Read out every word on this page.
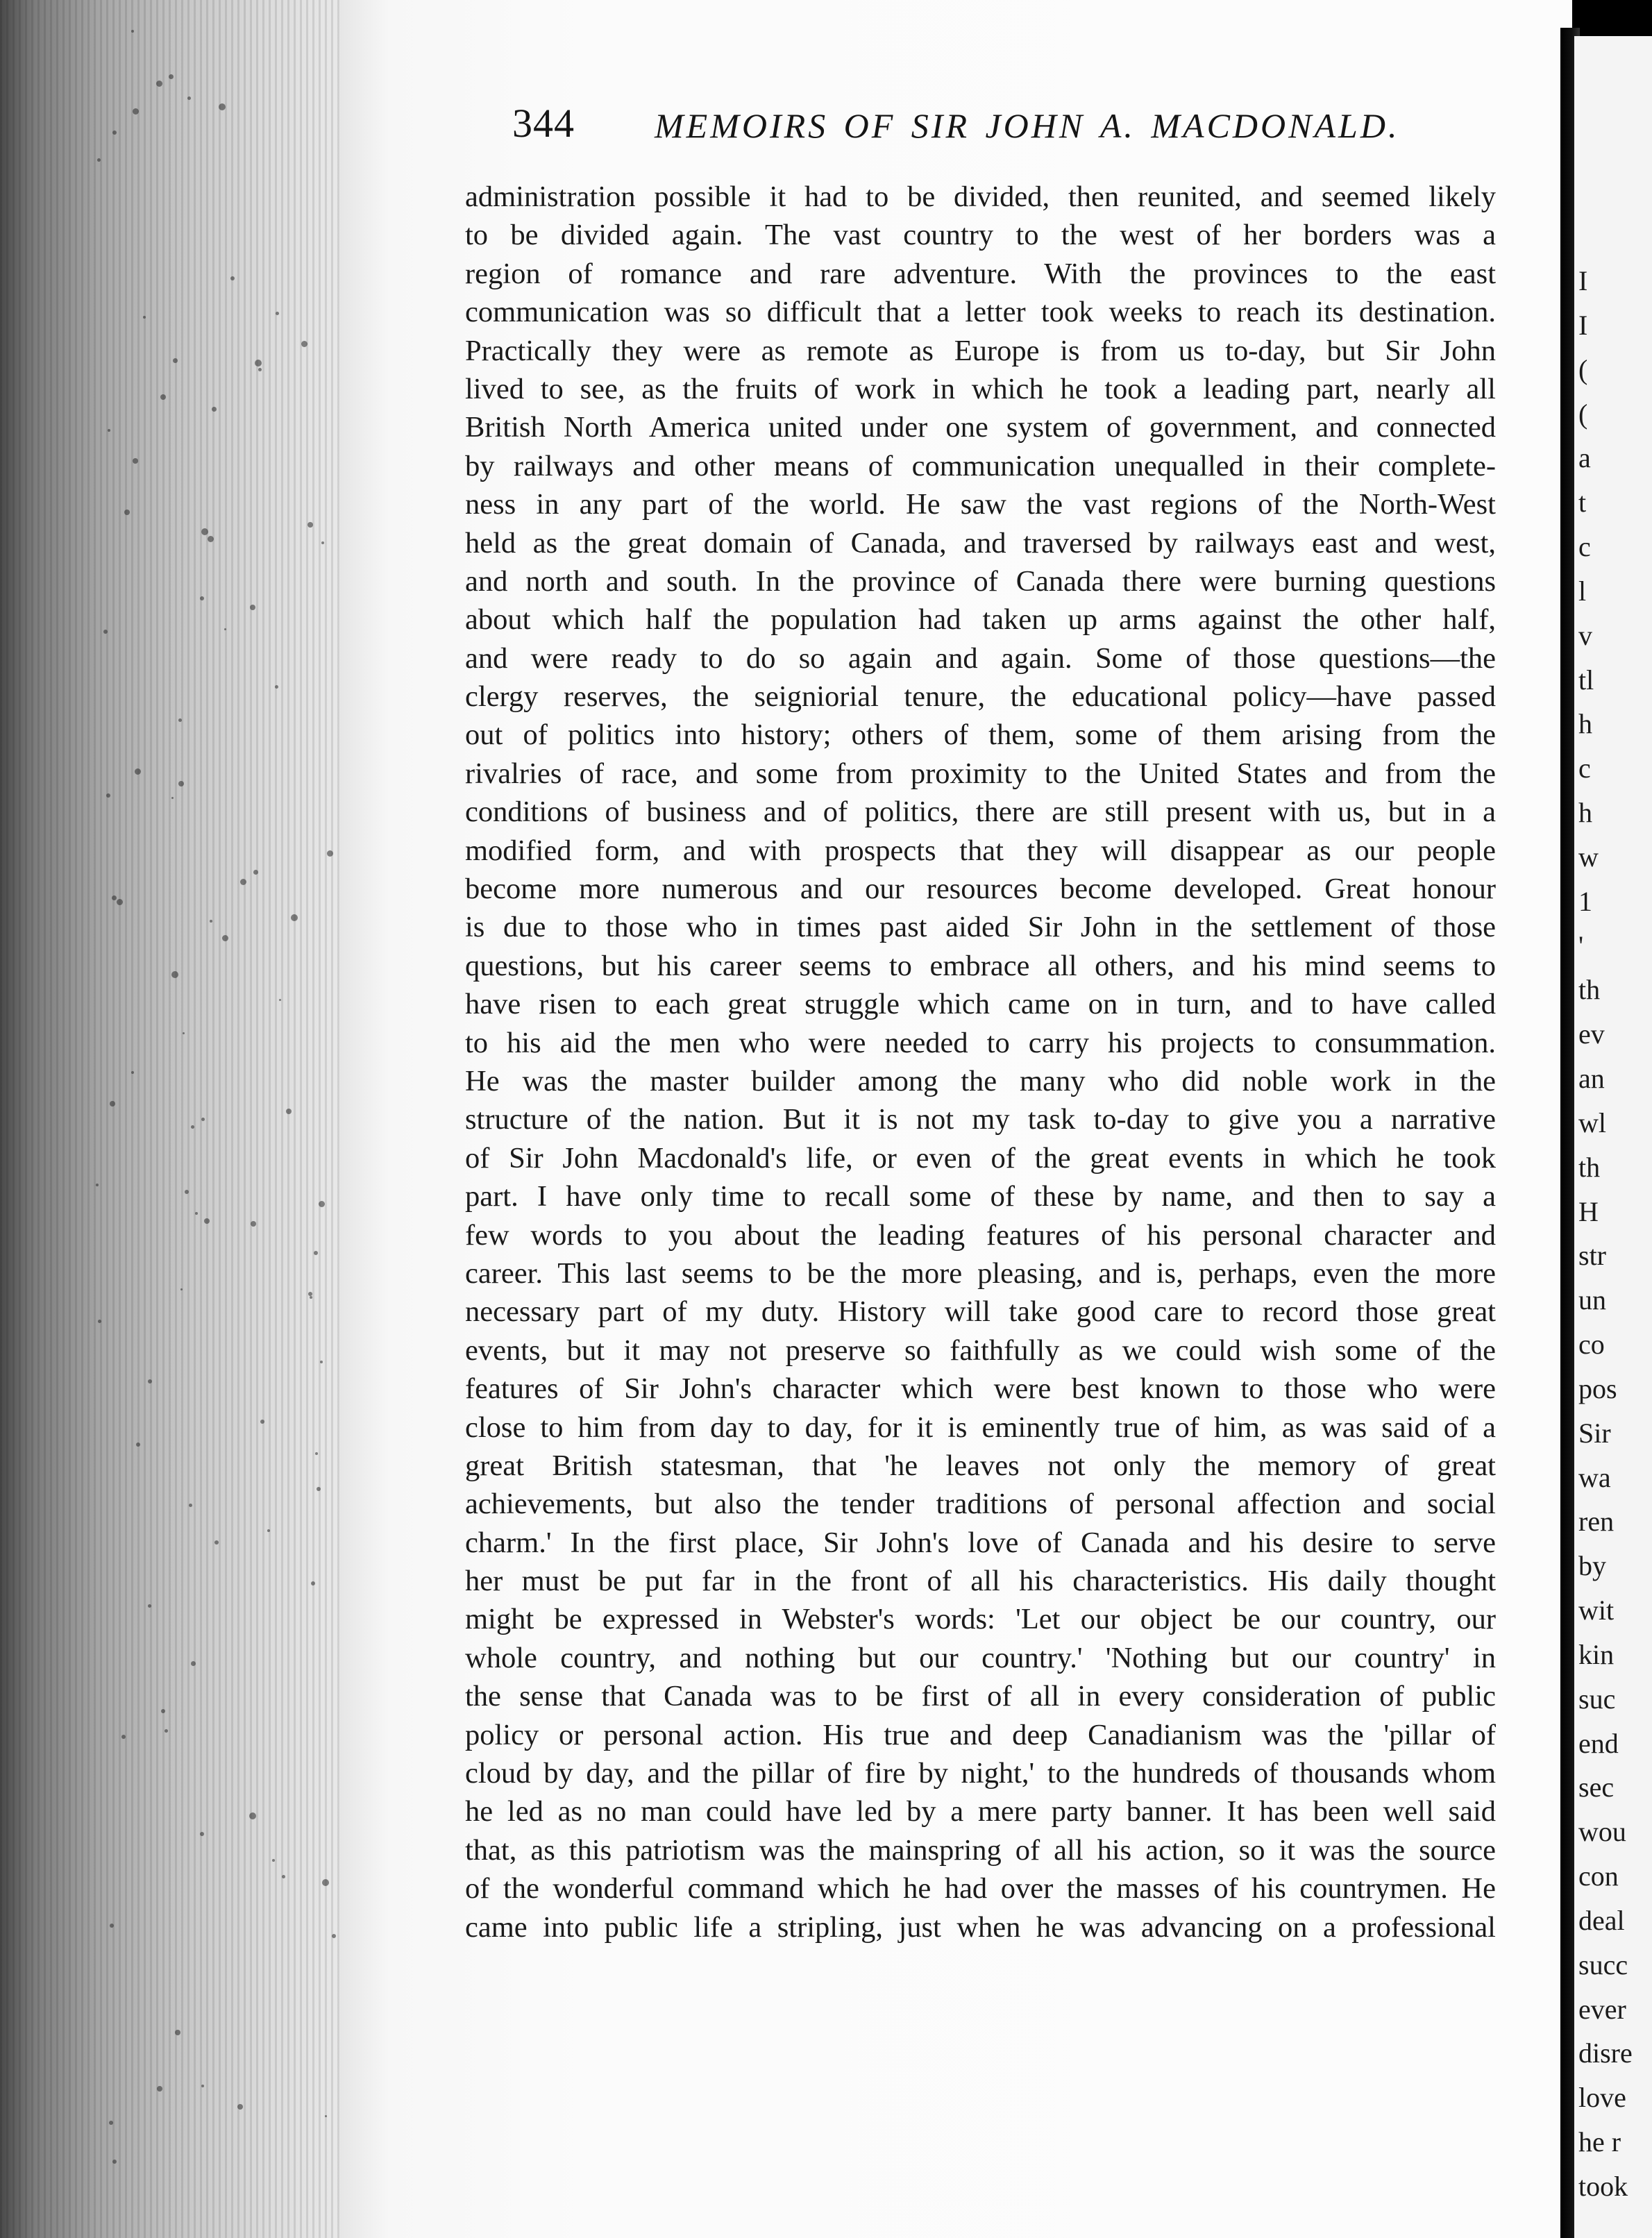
344 MEMOIRS OF SIR JOHN A. MACDONALD.
administration possible it had to be divided, then reunited, and seemed likely
to be divided again. The vast country to the west of her borders was a
region of romance and rare adventure. With the provinces to the east
communication was so difficult that a letter took weeks to reach its destination.
Practically they were as remote as Europe is from us to-day, but Sir John
lived to see, as the fruits of work in which he took a leading part, nearly all
British North America united under one system of government, and connected
by railways and other means of communication unequalled in their complete-
ness in any part of the world. He saw the vast regions of the North-West
held as the great domain of Canada, and traversed by railways east and west,
and north and south. In the province of Canada there were burning questions
about which half the population had taken up arms against the other half,
and were ready to do so again and again. Some of those questions—the
clergy reserves, the seigniorial tenure, the educational policy—have passed
out of politics into history; others of them, some of them arising from the
rivalries of race, and some from proximity to the United States and from the
conditions of business and of politics, there are still present with us, but in a
modified form, and with prospects that they will disappear as our people
become more numerous and our resources become developed. Great honour
is due to those who in times past aided Sir John in the settlement of those
questions, but his career seems to embrace all others, and his mind seems to
have risen to each great struggle which came on in turn, and to have called
to his aid the men who were needed to carry his projects to consummation.
He was the master builder among the many who did noble work in the
structure of the nation. But it is not my task to-day to give you a narrative
of Sir John Macdonald's life, or even of the great events in which he took
part. I have only time to recall some of these by name, and then to say a
few words to you about the leading features of his personal character and
career. This last seems to be the more pleasing, and is, perhaps, even the more
necessary part of my duty. History will take good care to record those great
events, but it may not preserve so faithfully as we could wish some of the
features of Sir John's character which were best known to those who were
close to him from day to day, for it is eminently true of him, as was said of a
great British statesman, that 'he leaves not only the memory of great
achievements, but also the tender traditions of personal affection and social
charm.' In the first place, Sir John's love of Canada and his desire to serve
her must be put far in the front of all his characteristics. His daily thought
might be expressed in Webster's words: 'Let our object be our country, our
whole country, and nothing but our country.' 'Nothing but our country' in
the sense that Canada was to be first of all in every consideration of public
policy or personal action. His true and deep Canadianism was the 'pillar of
cloud by day, and the pillar of fire by night,' to the hundreds of thousands whom
he led as no man could have led by a mere party banner. It has been well said
that, as this patriotism was the mainspring of all his action, so it was the source
of the wonderful command which he had over the masses of his countrymen. He
came into public life a stripling, just when he was advancing on a professional
I
I
(
(
a
t
c
l
v
tl
h
c
h
w
1
'
th
ev
an
wl
th
H
str
un
co
pos
Sir
wa
ren
by
wit
kin
suc
end
sec
wou
con
deal
succ
ever
disre
love
he r
took
